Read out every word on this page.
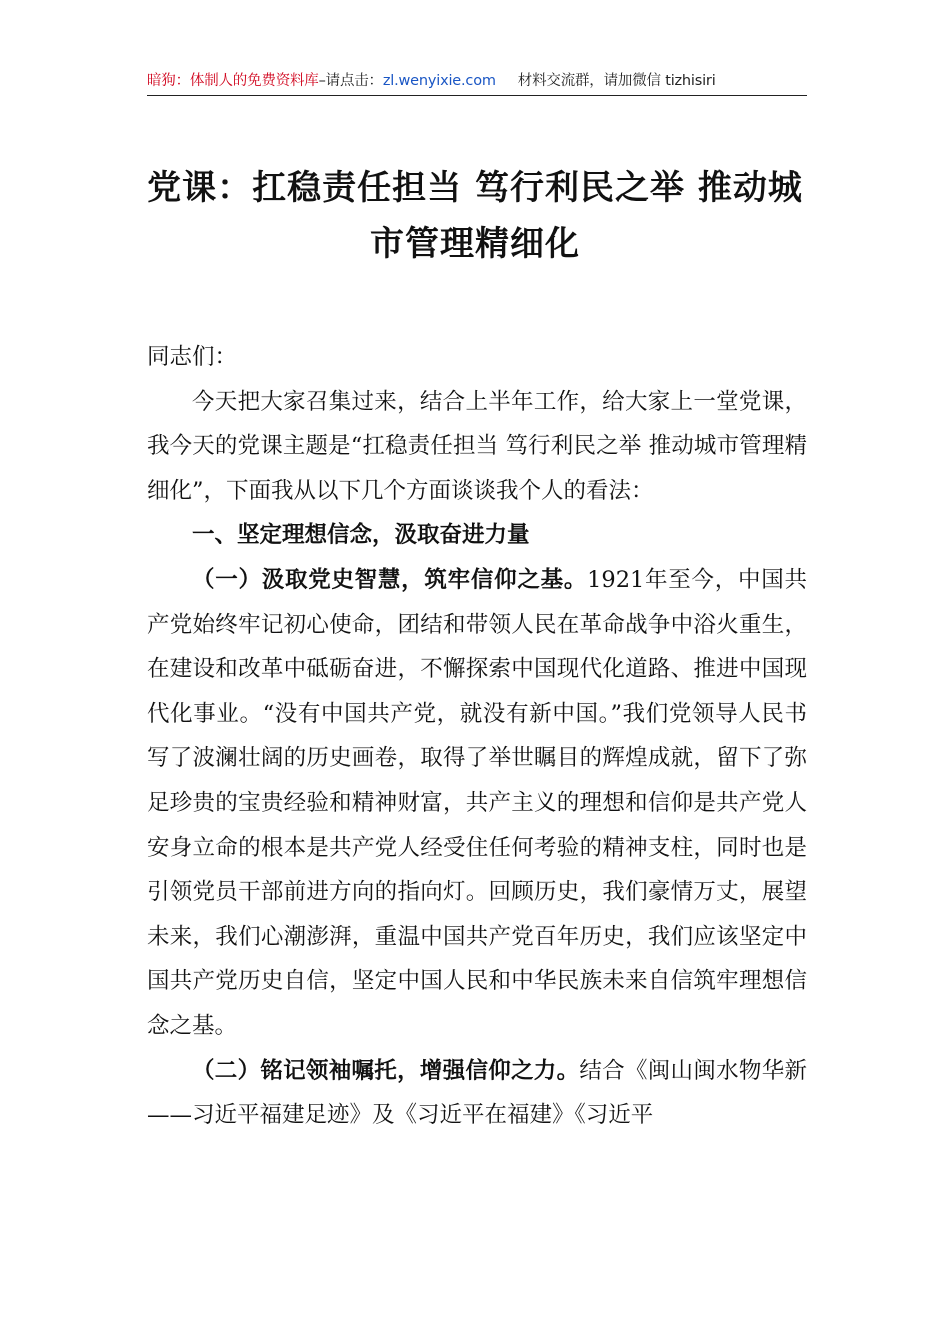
暗狗：体制人的免费资料库–请点击：zl.wenyixie.com 材料交流群，请加微信 tizhisiri
党课：扛稳责任担当 笃行利民之举 推动城
市管理精细化

同志们：

今天把大家召集过来，结合上半年工作，给大家上一堂党课，我今天的党课主题是“扛稳责任担当 笃行利民之举 推动城市管理精细化”，下面我从以下几个方面谈谈我个人的看法：

一、坚定理想信念，汲取奋进力量

（一）汲取党史智慧，筑牢信仰之基。1921年至今，中国共产党始终牢记初心使命，团结和带领人民在革命战争中浴火重生，在建设和改革中砥砺奋进，不懈探索中国现代化道路、推进中国现代化事业。“没有中国共产党，就没有新中国。”我们党领导人民书写了波澜壮阔的历史画卷，取得了举世瞩目的辉煌成就，留下了弥足珍贵的宝贵经验和精神财富，共产主义的理想和信仰是共产党人安身立命的根本是共产党人经受住任何考验的精神支柱，同时也是引领党员干部前进方向的指向灯。回顾历史，我们豪情万丈，展望未来，我们心潮澎湃，重温中国共产党百年历史，我们应该坚定中国共产党历史自信，坚定中国人民和中华民族未来自信筑牢理想信念之基。

（二）铭记领袖嘱托，增强信仰之力。结合《闽山闽水物华新——习近平福建足迹》及《习近平在福建》《习近平
